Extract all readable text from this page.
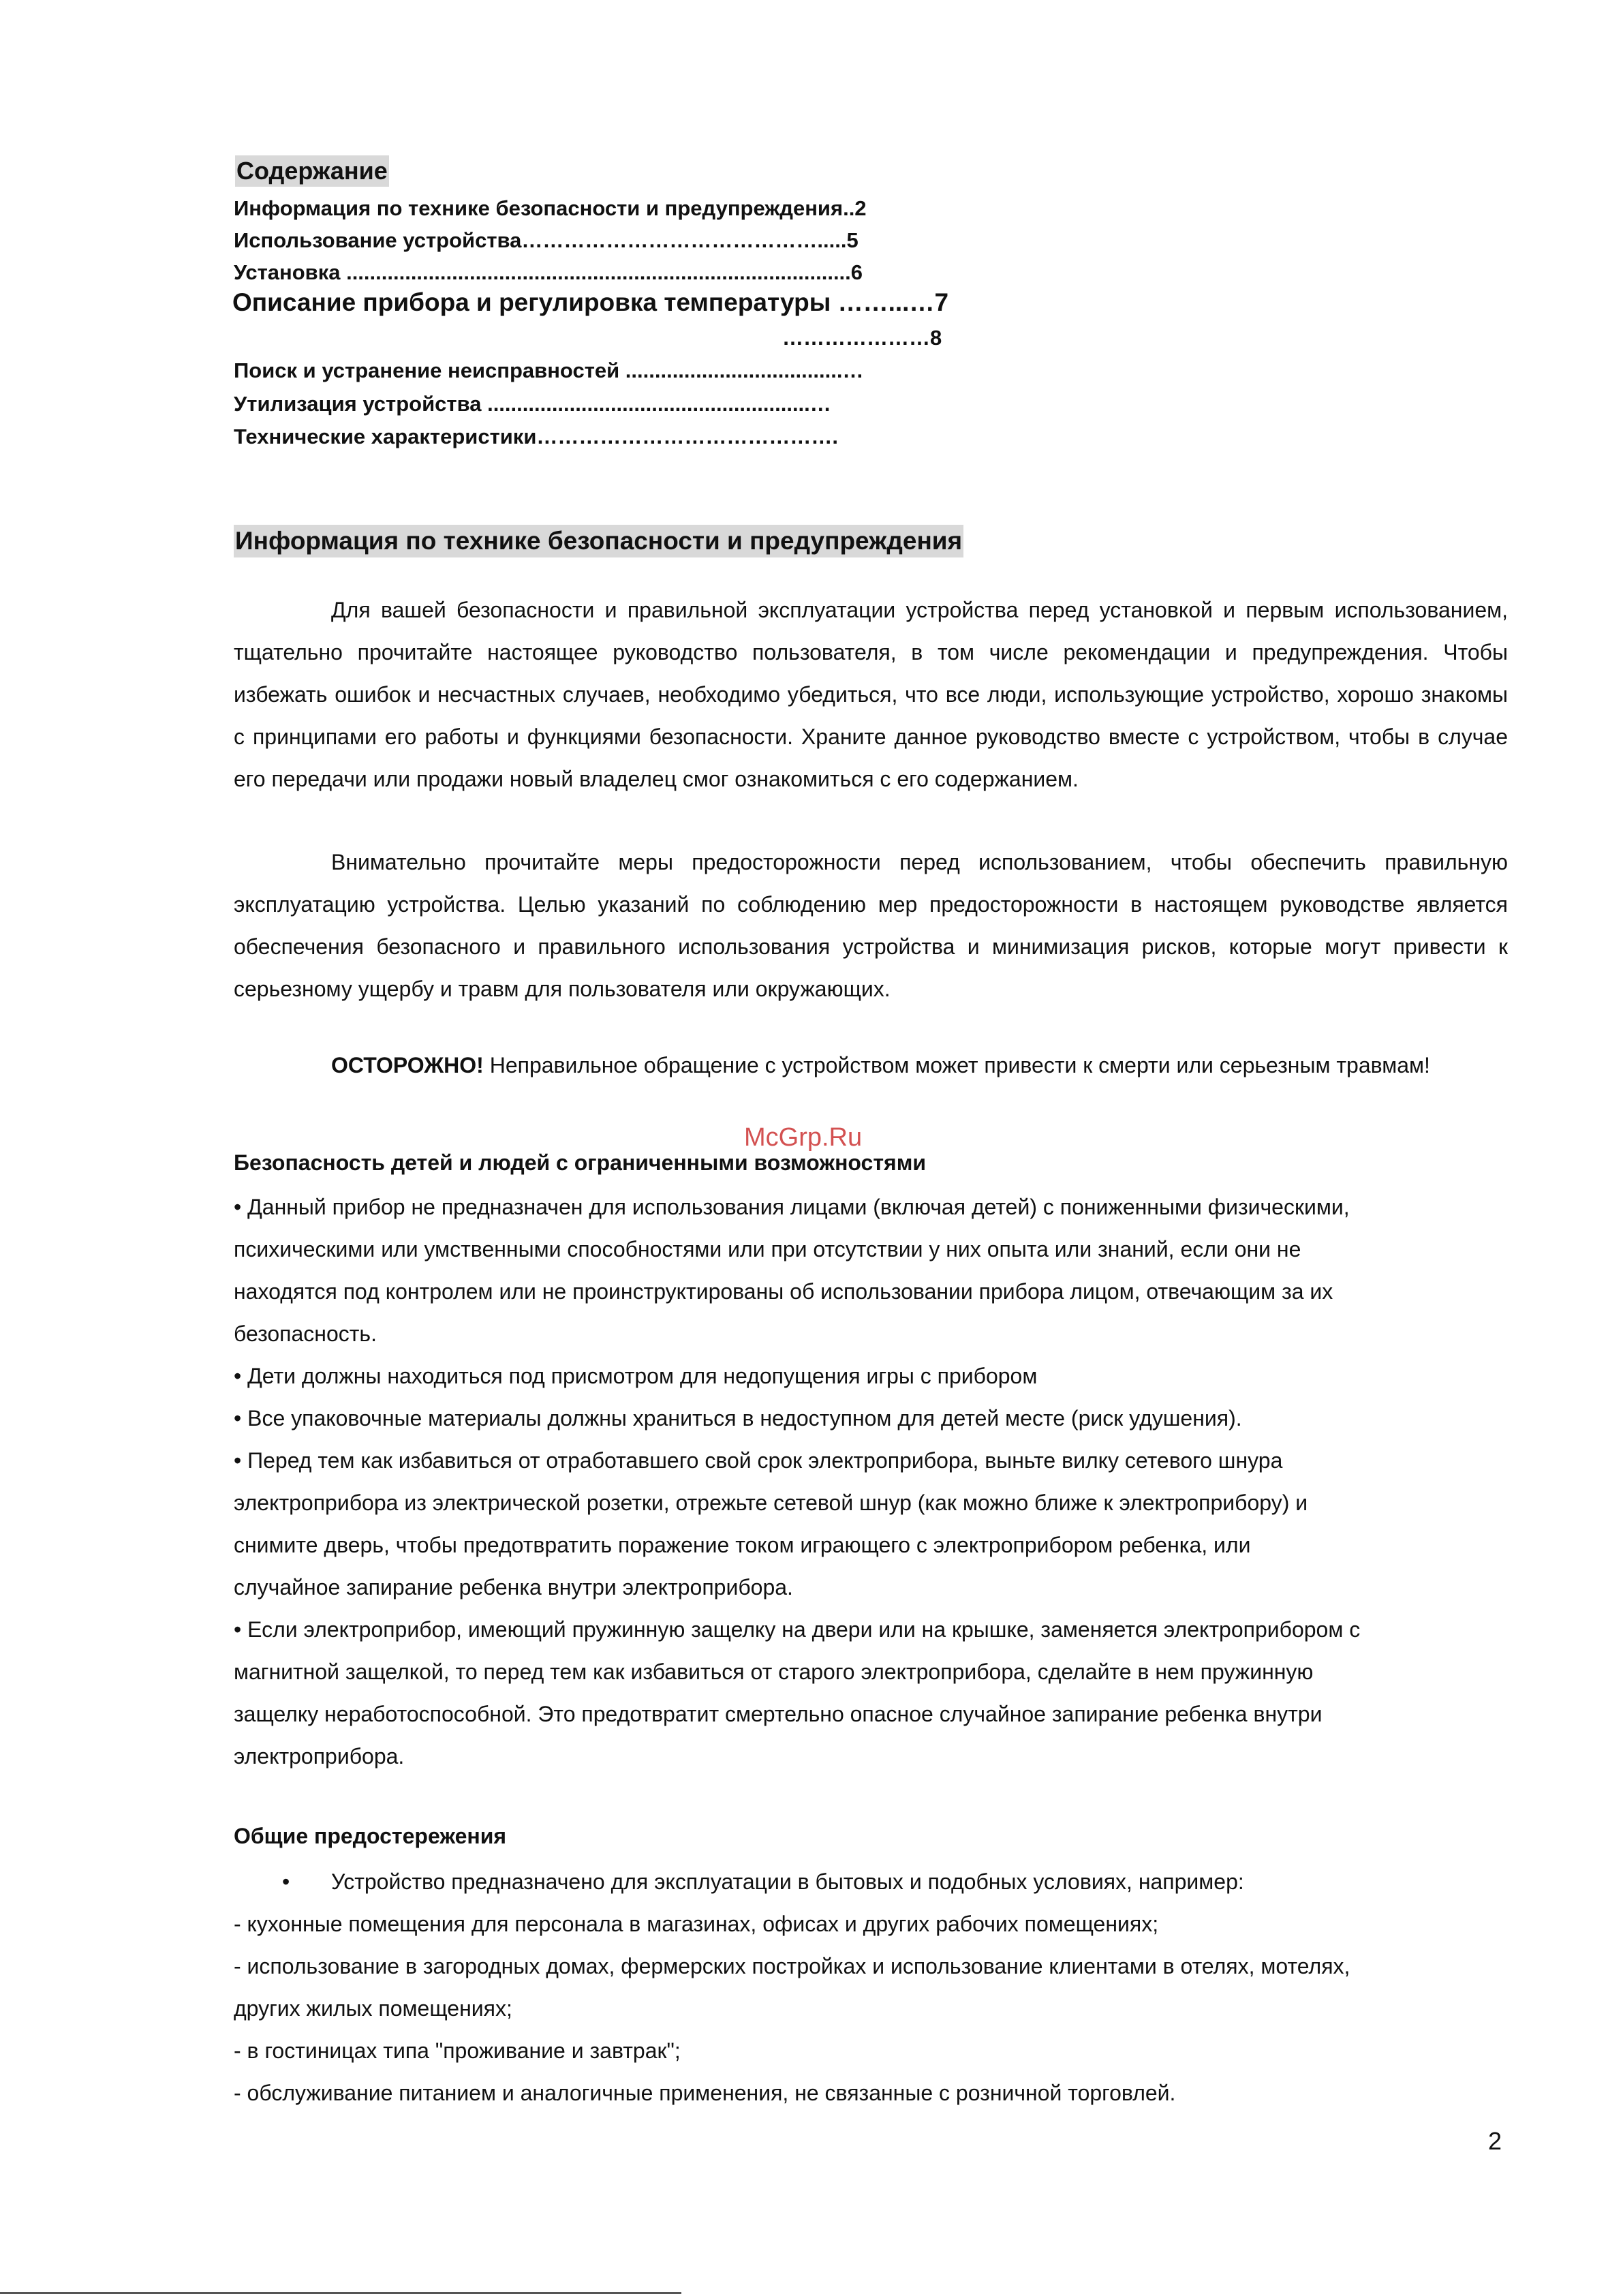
Содержание
Информация по технике безопасности и предупреждения..2
Использование устройства…………………………………….....5
Установка ......................................................................................6
Описание прибора и регулировка температуры ……...…7
…………………8
Поиск и устранение неисправностей .....................................…
Утилизация устройства .......................................................…
Технические характеристики…………………………………….
Информация по технике безопасности и предупреждения
Для вашей безопасности и правильной эксплуатации устройства перед установкой и первым использованием, тщательно прочитайте настоящее руководство пользователя, в том числе рекомендации и предупреждения. Чтобы избежать ошибок и несчастных случаев, необходимо убедиться, что все люди, использующие устройство, хорошо знакомы с принципами его работы и функциями безопасности. Храните данное руководство вместе с устройством, чтобы в случае его передачи или продажи новый владелец смог ознакомиться с его содержанием.
Внимательно прочитайте меры предосторожности перед использованием, чтобы обеспечить правильную эксплуатацию устройства. Целью указаний по соблюдению мер предосторожности в настоящем руководстве является обеспечения безопасного и правильного использования устройства и минимизация рисков, которые могут привести к серьезному ущербу и травм для пользователя или окружающих.
ОСТОРОЖНО! Неправильное обращение с устройством может привести к смерти или серьезным травмам!
McGrp.Ru
Безопасность детей и людей с ограниченными возможностями
• Данный прибор не предназначен для использования лицами (включая детей) с пониженными физическими,
психическими или умственными способностями или при отсутствии у них опыта или знаний, если они не
находятся под контролем или не проинструктированы об использовании прибора лицом, отвечающим за их
безопасность.
• Дети должны находиться под присмотром для недопущения игры с прибором
• Все упаковочные материалы должны храниться в недоступном для детей месте (риск удушения).
• Перед тем как избавиться от отработавшего свой срок электроприбора, выньте вилку сетевого шнура
электроприбора из электрической розетки, отрежьте сетевой шнур (как можно ближе к электроприбору) и
снимите дверь, чтобы предотвратить поражение током играющего с электроприбором ребенка, или
случайное запирание ребенка внутри электроприбора.
• Если электроприбор, имеющий пружинную защелку на двери или на крышке, заменяется электроприбором с
магнитной защелкой, то перед тем как избавиться от старого электроприбора, сделайте в нем пружинную
защелку неработоспособной. Это предотвратит смертельно опасное случайное запирание ребенка внутри
электроприбора.
Общие предостережения
• Устройство предназначено для эксплуатации в бытовых и подобных условиях, например:
- кухонные помещения для персонала в магазинах, офисах и других рабочих помещениях;
- использование в загородных домах, фермерских постройках и использование клиентами в отелях, мотелях,
других жилых помещениях;
- в гостиницах типа "проживание и завтрак";
- обслуживание питанием и аналогичные применения, не связанные с розничной торговлей.
2
